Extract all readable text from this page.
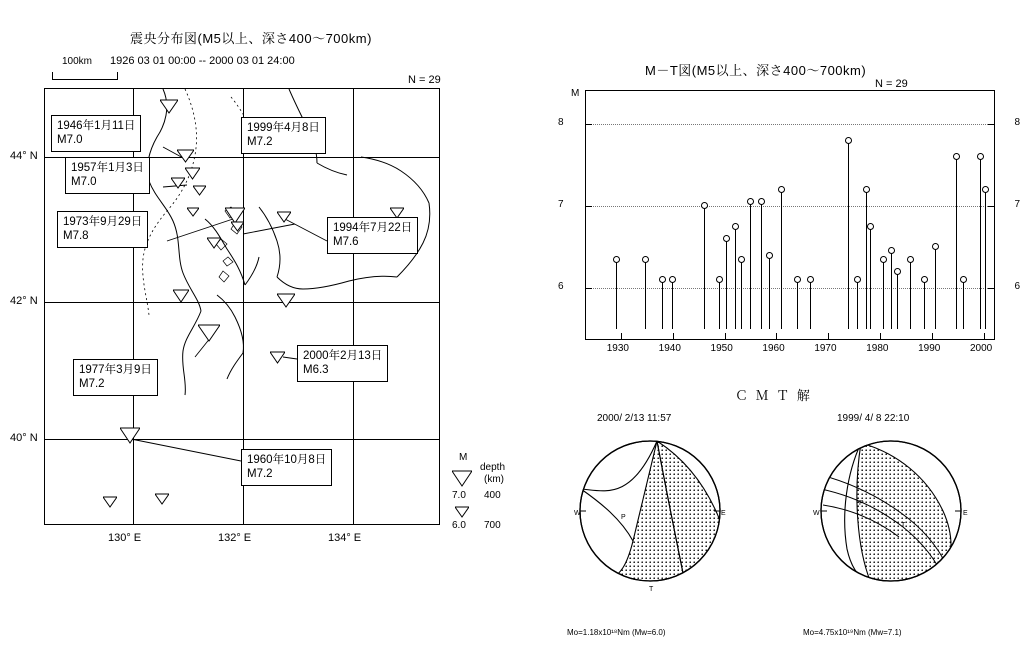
震央分布図(M5以上、深さ400〜700km)
1926 03 01 00:00 -- 2000 03 01 24:00
N = 29
100km
1946年1月11日
M7.0
1957年1月3日
M7.0
1973年9月29日
M7.8
1977年3月9日
M7.2
1960年10月8日
M7.2
1999年4月8日
M7.2
1994年7月22日
M7.6
2000年2月13日
M6.3
44° N
42° N
40° N
130° E	132° E	134° E
M
depth
(km)
7.0 400
6.0 700
M－T図(M5以上、深さ400〜700km)
N = 29
M
6	6
7	7
8	8
1930	1940	1950	1960	1970	1980	1990	2000
Ｃ Ｍ Ｔ 解
2000/ 2/13 11:57
W	E
P
T
Mo=1.18x10¹⁸Nm (Mw=6.0)
1999/ 4/ 8 22:10
W	E
P
T
Mo=4.75x10¹⁹Nm (Mw=7.1)
